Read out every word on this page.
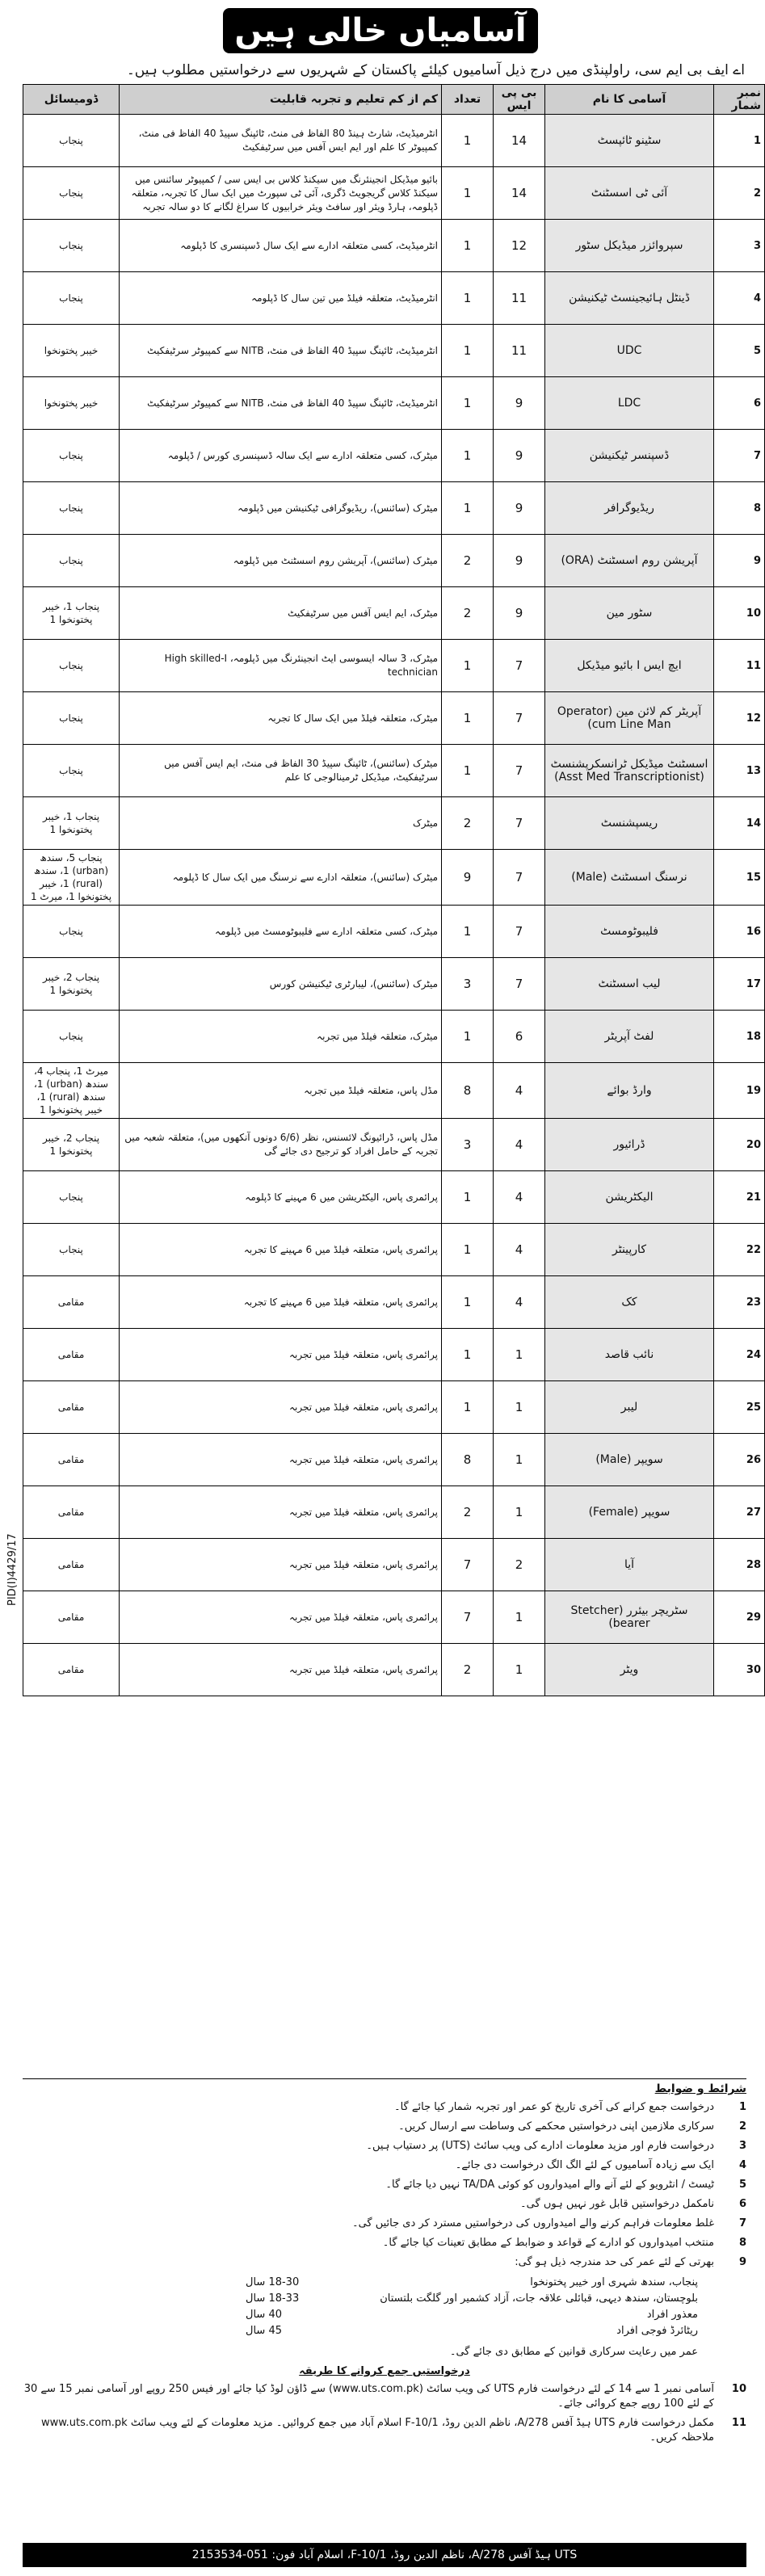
آسامیاں خالی ہیں
اے ایف بی ایم سی، راولپنڈی میں درج ذیل آسامیوں کیلئے پاکستان کے شہریوں سے درخواستیں مطلوب ہیں۔
PID(I)4429/17
نمبر شمار	آسامی کا نام	بی پی ایس	تعداد	کم از کم تعلیم و تجربہ قابلیت	ڈومیسائل
1	سٹینو ٹائپسٹ	14	1	انٹرمیڈیٹ، شارٹ ہینڈ 80 الفاظ فی منٹ، ٹائپنگ سپیڈ 40 الفاظ فی منٹ، کمپیوٹر کا علم اور ایم ایس آفس میں سرٹیفکیٹ	پنجاب
2	آئی ٹی اسسٹنٹ	14	1	بائیو میڈیکل انجینئرنگ میں سیکنڈ کلاس بی ایس سی / کمپیوٹر سائنس میں سیکنڈ کلاس گریجویٹ ڈگری، آئی ٹی سپورٹ میں ایک سال کا تجربہ، متعلقہ ڈپلومہ، ہارڈ ویئر اور سافٹ ویئر خرابیوں کا سراغ لگانے کا دو سالہ تجربہ	پنجاب
3	سپروائزر میڈیکل سٹور	12	1	انٹرمیڈیٹ، کسی متعلقہ ادارے سے ایک سال ڈسپنسری کا ڈپلومہ	پنجاب
4	ڈینٹل ہائیجینسٹ ٹیکنیشن	11	1	انٹرمیڈیٹ، متعلقہ فیلڈ میں تین سال کا ڈپلومہ	پنجاب
5	UDC	11	1	انٹرمیڈیٹ، ٹائپنگ سپیڈ 40 الفاظ فی منٹ، NITB سے کمپیوٹر سرٹیفکیٹ	خیبر پختونخوا
6	LDC	9	1	انٹرمیڈیٹ، ٹائپنگ سپیڈ 40 الفاظ فی منٹ، NITB سے کمپیوٹر سرٹیفکیٹ	خیبر پختونخوا
7	ڈسپنسر ٹیکنیشن	9	1	میٹرک، کسی متعلقہ ادارے سے ایک سالہ ڈسپنسری کورس / ڈپلومہ	پنجاب
8	ریڈیوگرافر	9	1	میٹرک (سائنس)، ریڈیوگرافی ٹیکنیشن میں ڈپلومہ	پنجاب
9	آپریشن روم اسسٹنٹ (ORA)	9	2	میٹرک (سائنس)، آپریشن روم اسسٹنٹ میں ڈپلومہ	پنجاب
10	سٹور مین	9	2	میٹرک، ایم ایس آفس میں سرٹیفکیٹ	پنجاب 1، خیبر پختونخوا 1
11	ایچ ایس I بائیو میڈیکل	7	1	میٹرک، 3 سالہ ایسوسی ایٹ انجینئرنگ میں ڈپلومہ، High skilled-I technician	پنجاب
12	آپریٹر کم لائن مین (Operator cum Line Man)	7	1	میٹرک، متعلقہ فیلڈ میں ایک سال کا تجربہ	پنجاب
13	اسسٹنٹ میڈیکل ٹرانسکرپشنسٹ (Asst Med Transcriptionist)	7	1	میٹرک (سائنس)، ٹائپنگ سپیڈ 30 الفاظ فی منٹ، ایم ایس آفس میں سرٹیفکیٹ، میڈیکل ٹرمینالوجی کا علم	پنجاب
14	ریسپشنسٹ	7	2	میٹرک	پنجاب 1، خیبر پختونخوا 1
15	نرسنگ اسسٹنٹ (Male)	7	9	میٹرک (سائنس)، متعلقہ ادارے سے نرسنگ میں ایک سال کا ڈپلومہ	پنجاب 5، سندھ (urban) 1، سندھ (rural) 1، خیبر پختونخوا 1، میرٹ 1
16	فلیبوٹومسٹ	7	1	میٹرک، کسی متعلقہ ادارے سے فلیبوٹومسٹ میں ڈپلومہ	پنجاب
17	لیب اسسٹنٹ	7	3	میٹرک (سائنس)، لیبارٹری ٹیکنیشن کورس	پنجاب 2، خیبر پختونخوا 1
18	لفٹ آپریٹر	6	1	میٹرک، متعلقہ فیلڈ میں تجربہ	پنجاب
19	وارڈ بوائے	4	8	مڈل پاس، متعلقہ فیلڈ میں تجربہ	میرٹ 1، پنجاب 4، سندھ (urban) 1، سندھ (rural) 1، خیبر پختونخوا 1
20	ڈرائیور	4	3	مڈل پاس، ڈرائیونگ لائسنس، نظر (6/6 دونوں آنکھوں میں)، متعلقہ شعبہ میں تجربہ کے حامل افراد کو ترجیح دی جائے گی	پنجاب 2، خیبر پختونخوا 1
21	الیکٹریشن	4	1	پرائمری پاس، الیکٹریشن میں 6 مہینے کا ڈپلومہ	پنجاب
22	کارپینٹر	4	1	پرائمری پاس، متعلقہ فیلڈ میں 6 مہینے کا تجربہ	پنجاب
23	کک	4	1	پرائمری پاس، متعلقہ فیلڈ میں 6 مہینے کا تجربہ	مقامی
24	نائب قاصد	1	1	پرائمری پاس، متعلقہ فیلڈ میں تجربہ	مقامی
25	لیبر	1	1	پرائمری پاس، متعلقہ فیلڈ میں تجربہ	مقامی
26	سویپر (Male)	1	8	پرائمری پاس، متعلقہ فیلڈ میں تجربہ	مقامی
27	سویپر (Female)	1	2	پرائمری پاس، متعلقہ فیلڈ میں تجربہ	مقامی
28	آیا	2	7	پرائمری پاس، متعلقہ فیلڈ میں تجربہ	مقامی
29	سٹریچر بیئرر (Stetcher bearer)	1	7	پرائمری پاس، متعلقہ فیلڈ میں تجربہ	مقامی
30	ویٹر	1	2	پرائمری پاس، متعلقہ فیلڈ میں تجربہ	مقامی
شرائط و ضوابط
1
درخواست جمع کرانے کی آخری تاریخ کو عمر اور تجربہ شمار کیا جائے گا۔
2
سرکاری ملازمین اپنی درخواستیں محکمے کی وساطت سے ارسال کریں۔
3
درخواست فارم اور مزید معلومات ادارے کی ویب سائٹ (UTS) پر دستیاب ہیں۔
4
ایک سے زیادہ آسامیوں کے لئے الگ الگ درخواست دی جائے۔
5
ٹیسٹ / انٹرویو کے لئے آنے والے امیدواروں کو کوئی TA/DA نہیں دیا جائے گا۔
6
نامکمل درخواستیں قابل غور نہیں ہوں گی۔
7
غلط معلومات فراہم کرنے والے امیدواروں کی درخواستیں مسترد کر دی جائیں گی۔
8
منتخب امیدواروں کو ادارے کے قواعد و ضوابط کے مطابق تعینات کیا جائے گا۔
9
بھرتی کے لئے عمر کی حد مندرجہ ذیل ہو گی:
پنجاب، سندھ شہری اور خیبر پختونخوا
18-30 سال
بلوچستان، سندھ دیہی، قبائلی علاقہ جات، آزاد کشمیر اور گلگت بلتستان
18-33 سال
معذور افراد
40 سال
ریٹائرڈ فوجی افراد
45 سال
عمر میں رعایت سرکاری قوانین کے مطابق دی جائے گی۔
درخواستیں جمع کروانے کا طریقہ
10
آسامی نمبر 1 سے 14 کے لئے درخواست فارم UTS کی ویب سائٹ (www.uts.com.pk) سے ڈاؤن لوڈ کیا جائے اور فیس 250 روپے اور آسامی نمبر 15 سے 30 کے لئے 100 روپے جمع کروائی جائے۔
11
مکمل درخواست فارم UTS ہیڈ آفس 278/A، ناظم الدین روڈ، F-10/1 اسلام آباد میں جمع کروائیں۔ مزید معلومات کے لئے ویب سائٹ www.uts.com.pk ملاحظہ کریں۔
UTS ہیڈ آفس 278/A، ناظم الدین روڈ، F-10/1، اسلام آباد فون: 051-2153534
